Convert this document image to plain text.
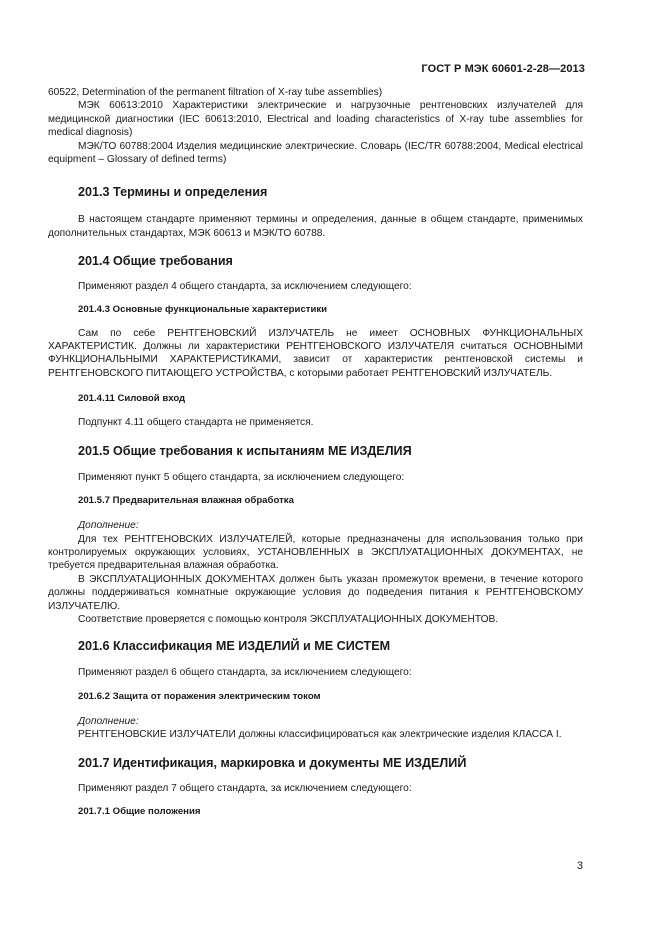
ГОСТ Р МЭК 60601-2-28—2013

60522, Determination of the permanent filtration of X-ray tube assemblies)

МЭК 60613:2010 Характеристики электрические и нагрузочные рентгеновских излучателей для медицинской диагностики (IEC 60613:2010, Electrical and loading characteristics of X-ray tube assemblies for medical diagnosis)

МЭК/ТО 60788:2004 Изделия медицинские электрические. Словарь (IEC/TR 60788:2004, Medical electrical equipment – Glossary of defined terms)

201.3 Термины и определения

В настоящем стандарте применяют термины и определения, данные в общем стандарте, применимых дополнительных стандартах, МЭК 60613 и МЭК/ТО 60788.

201.4 Общие требования

Применяют раздел 4 общего стандарта, за исключением следующего:

201.4.3 Основные функциональные характеристики

Сам по себе РЕНТГЕНОВСКИЙ ИЗЛУЧАТЕЛЬ не имеет ОСНОВНЫХ ФУНКЦИОНАЛЬНЫХ ХАРАКТЕРИСТИК. Должны ли характеристики РЕНТГЕНОВСКОГО ИЗЛУЧАТЕЛЯ считаться ОСНОВНЫМИ ФУНКЦИОНАЛЬНЫМИ ХАРАКТЕРИСТИКАМИ, зависит от характеристик рентгеновской системы и РЕНТГЕНОВСКОГО ПИТАЮЩЕГО УСТРОЙСТВА, с которыми работает РЕНТГЕНОВСКИЙ ИЗЛУЧАТЕЛЬ.

201.4.11 Силовой вход

Подпункт 4.11 общего стандарта не применяется.

201.5 Общие требования к испытаниям МЕ ИЗДЕЛИЯ

Применяют пункт 5 общего стандарта, за исключением следующего:

201.5.7 Предварительная влажная обработка

Дополнение:

Для тех РЕНТГЕНОВСКИХ ИЗЛУЧАТЕЛЕЙ, которые предназначены для использования только при контролируемых окружающих условиях, УСТАНОВЛЕННЫХ в ЭКСПЛУАТАЦИОННЫХ ДОКУМЕНТАХ, не требуется предварительная влажная обработка.

В ЭКСПЛУАТАЦИОННЫХ ДОКУМЕНТАХ должен быть указан промежуток времени, в течение которого должны поддерживаться комнатные окружающие условия до подведения питания к РЕНТГЕНОВСКОМУ ИЗЛУЧАТЕЛЮ.

Соответствие проверяется с помощью контроля ЭКСПЛУАТАЦИОННЫХ ДОКУМЕНТОВ.

201.6 Классификация МЕ ИЗДЕЛИЙ и МЕ СИСТЕМ

Применяют раздел 6 общего стандарта, за исключением следующего:

201.6.2 Защита от поражения электрическим током

Дополнение:

РЕНТГЕНОВСКИЕ ИЗЛУЧАТЕЛИ должны классифицироваться как электрические изделия КЛАССА I.

201.7 Идентификация, маркировка и документы МЕ ИЗДЕЛИЙ

Применяют раздел 7 общего стандарта, за исключением следующего:

201.7.1 Общие положения
3
